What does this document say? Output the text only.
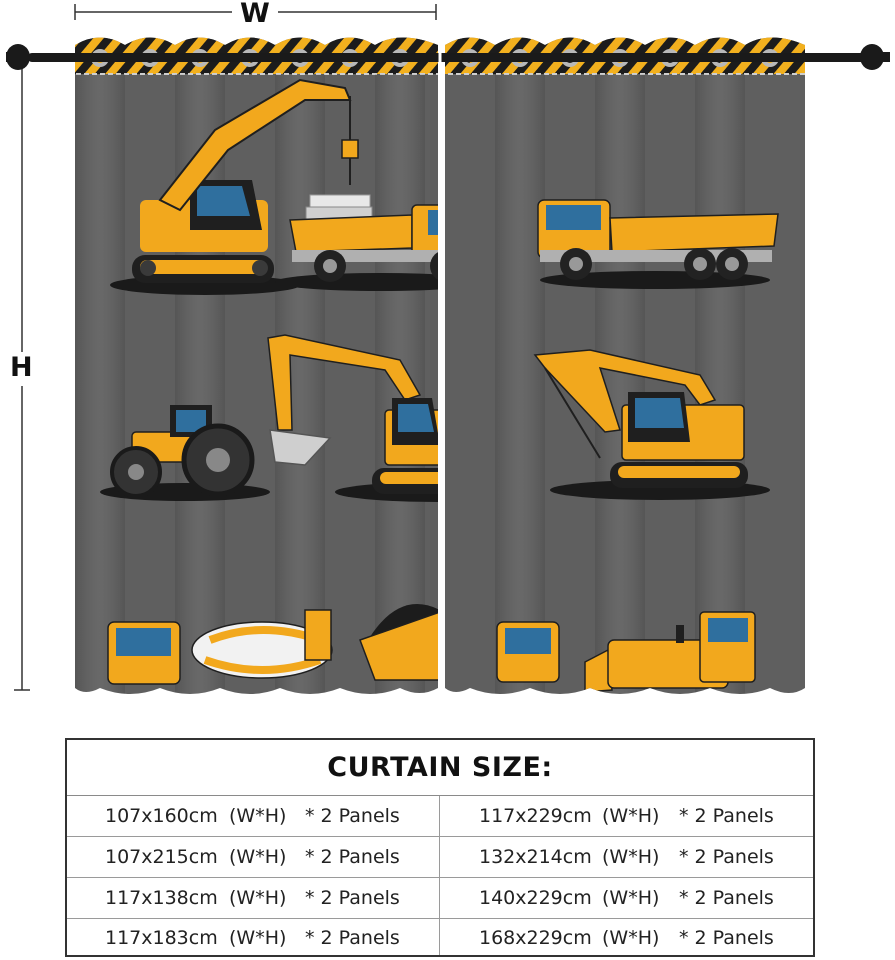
W
H
CURTAIN SIZE:
107x160cm (W*H) * 2 Panels	117x229cm (W*H) * 2 Panels
107x215cm (W*H) * 2 Panels	132x214cm (W*H) * 2 Panels
117x138cm (W*H) * 2 Panels	140x229cm (W*H) * 2 Panels
117x183cm (W*H) * 2 Panels	168x229cm (W*H) * 2 Panels
